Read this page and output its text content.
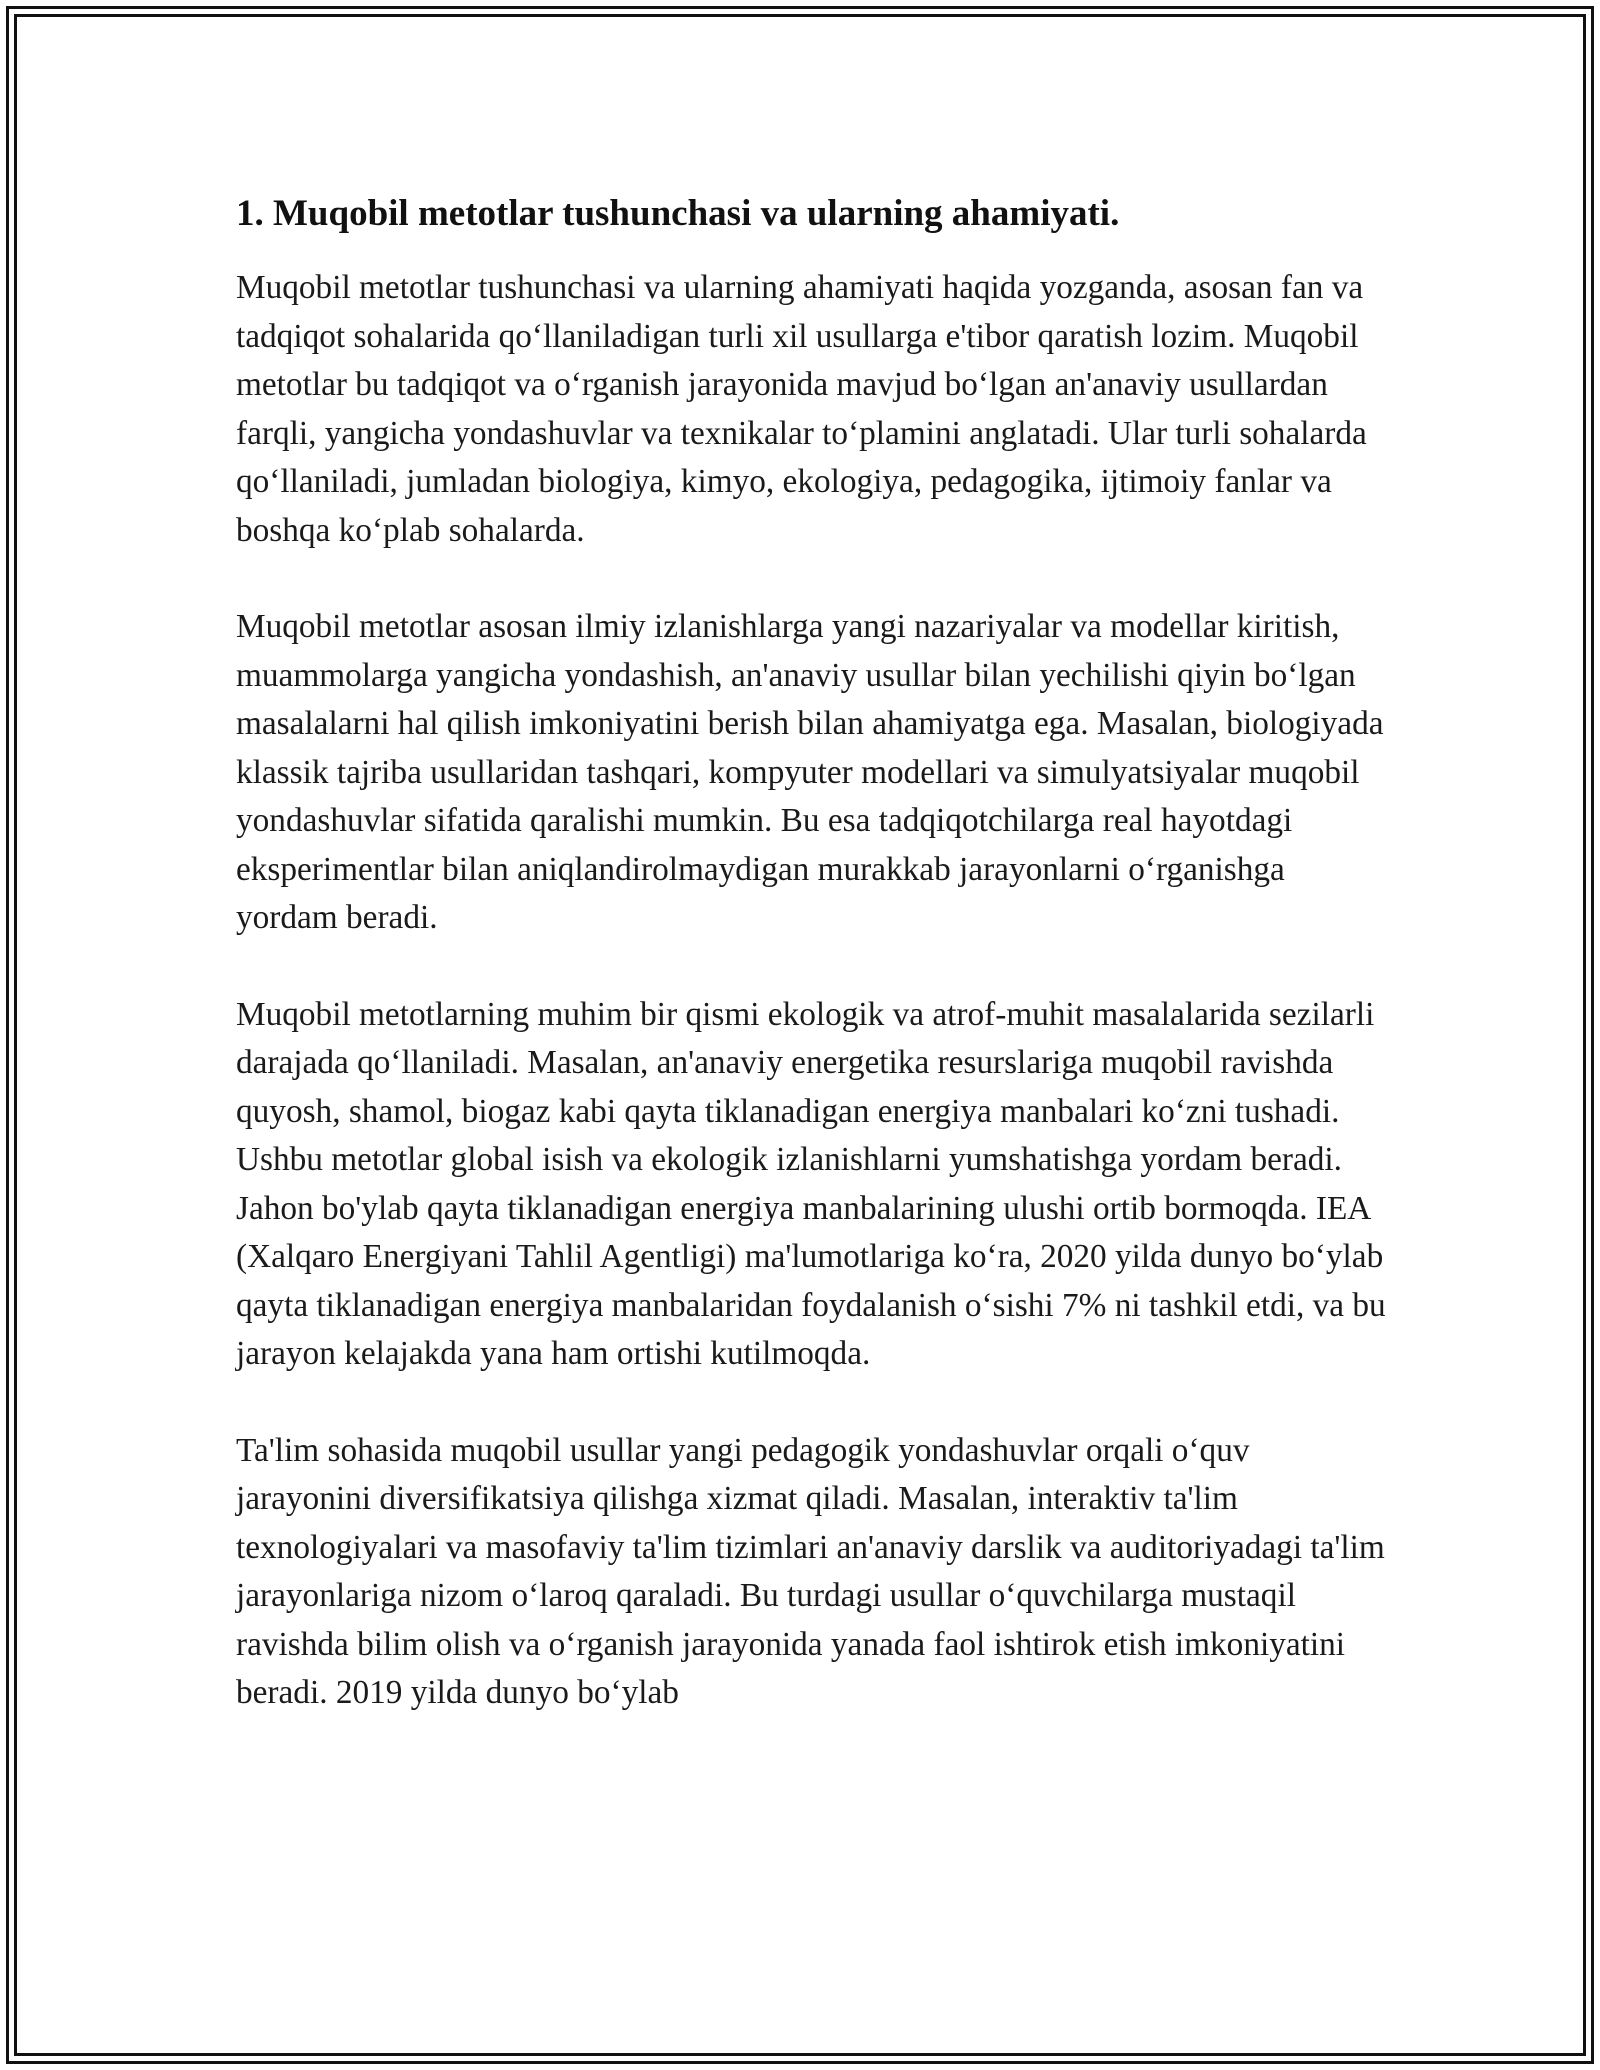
1. Muqobil metotlar tushunchasi va ularning ahamiyati.

Muqobil metotlar tushunchasi va ularning ahamiyati haqida yozganda, asosan fan va tadqiqot sohalarida qo‘llaniladigan turli xil usullarga e'tibor qaratish lozim. Muqobil metotlar bu tadqiqot va o‘rganish jarayonida mavjud bo‘lgan an'anaviy usullardan farqli, yangicha yondashuvlar va texnikalar to‘plamini anglatadi. Ular turli sohalarda qo‘llaniladi, jumladan biologiya, kimyo, ekologiya, pedagogika, ijtimoiy fanlar va boshqa ko‘plab sohalarda.

Muqobil metotlar asosan ilmiy izlanishlarga yangi nazariyalar va modellar kiritish, muammolarga yangicha yondashish, an'anaviy usullar bilan yechilishi qiyin bo‘lgan masalalarni hal qilish imkoniyatini berish bilan ahamiyatga ega. Masalan, biologiyada klassik tajriba usullaridan tashqari, kompyuter modellari va simulyatsiyalar muqobil yondashuvlar sifatida qaralishi mumkin. Bu esa tadqiqotchilarga real hayotdagi eksperimentlar bilan aniqlandirolmaydigan murakkab jarayonlarni o‘rganishga yordam beradi.

Muqobil metotlarning muhim bir qismi ekologik va atrof-muhit masalalarida sezilarli darajada qo‘llaniladi. Masalan, an'anaviy energetika resurslariga muqobil ravishda quyosh, shamol, biogaz kabi qayta tiklanadigan energiya manbalari ko‘zni tushadi. Ushbu metotlar global isish va ekologik izlanishlarni yumshatishga yordam beradi. Jahon bo'ylab qayta tiklanadigan energiya manbalarining ulushi ortib bormoqda. IEA (Xalqaro Energiyani Tahlil Agentligi) ma'lumotlariga ko‘ra, 2020 yilda dunyo bo‘ylab qayta tiklanadigan energiya manbalaridan foydalanish o‘sishi 7% ni tashkil etdi, va bu jarayon kelajakda yana ham ortishi kutilmoqda.

Ta'lim sohasida muqobil usullar yangi pedagogik yondashuvlar orqali o‘quv jarayonini diversifikatsiya qilishga xizmat qiladi. Masalan, interaktiv ta'lim texnologiyalari va masofaviy ta'lim tizimlari an'anaviy darslik va auditoriyadagi ta'lim jarayonlariga nizom o‘laroq qaraladi. Bu turdagi usullar o‘quvchilarga mustaqil ravishda bilim olish va o‘rganish jarayonida yanada faol ishtirok etish imkoniyatini beradi. 2019 yilda dunyo bo‘ylab
